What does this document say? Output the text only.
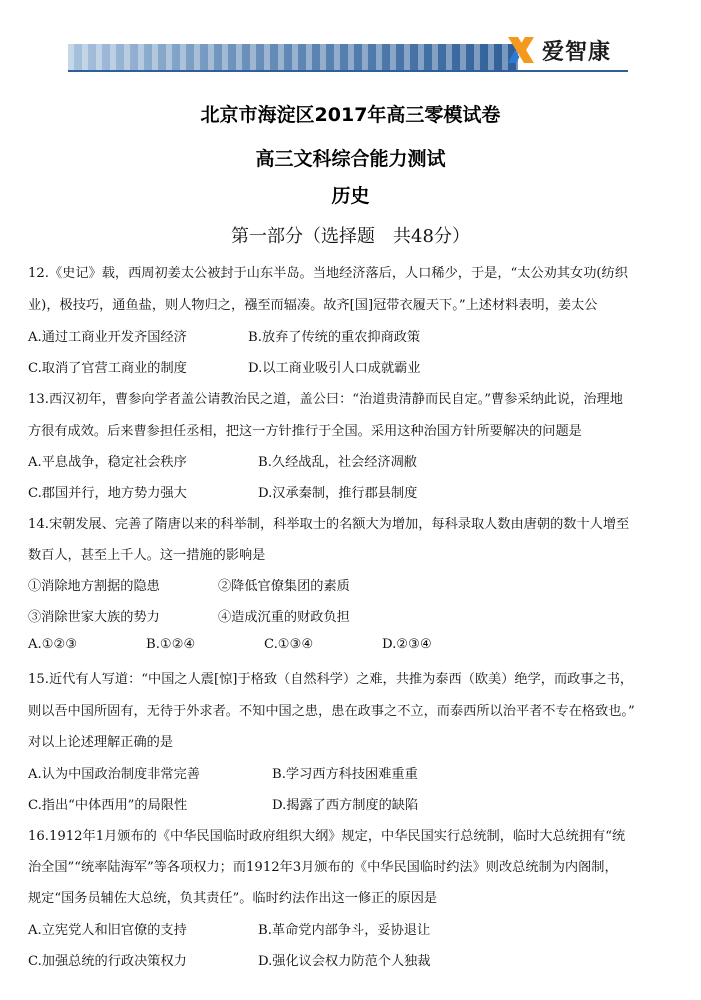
爱智康
北京市海淀区2017年高三零模试卷
高三文科综合能力测试
历史
第一部分（选择题　共48分）
12.《史记》载，西周初姜太公被封于山东半岛。当地经济落后，人口稀少，于是，“太公劝其女功(纺织
业)，极技巧，通鱼盐，则人物归之，襁至而辐凑。故齐[国]冠带衣履天下。”上述材料表明，姜太公
A.通过工商业开发齐国经济	B.放弃了传统的重农抑商政策
C.取消了官营工商业的制度	D.以工商业吸引人口成就霸业
13.西汉初年，曹参向学者盖公请教治民之道，盖公曰：“治道贵清静而民自定。”曹参采纳此说，治理地
方很有成效。后来曹参担任丞相，把这一方针推行于全国。采用这种治国方针所要解决的问题是
A.平息战争，稳定社会秩序	B.久经战乱，社会经济凋敝
C.郡国并行，地方势力强大	D.汉承秦制，推行郡县制度
14.宋朝发展、完善了隋唐以来的科举制，科举取士的名额大为增加，每科录取人数由唐朝的数十人增至
数百人，甚至上千人。这一措施的影响是
①消除地方割据的隐患	②降低官僚集团的素质
③消除世家大族的势力	④造成沉重的财政负担
A.①②③	B.①②④	C.①③④	D.②③④
15.近代有人写道：“中国之人震[惊]于格致（自然科学）之难，共推为泰西（欧美）绝学，而政事之书，
则以吾中国所固有，无待于外求者。不知中国之患，患在政事之不立，而泰西所以治平者不专在格致也。”
对以上论述理解正确的是
A.认为中国政治制度非常完善	B.学习西方科技困难重重
C.指出“中体西用”的局限性	D.揭露了西方制度的缺陷
16.1912年1月颁布的《中华民国临时政府组织大纲》规定，中华民国实行总统制，临时大总统拥有“统
治全国”“统率陆海军”等各项权力；而1912年3月颁布的《中华民国临时约法》则改总统制为内阁制，
规定“国务员辅佐大总统，负其责任”。临时约法作出这一修正的原因是
A.立宪党人和旧官僚的支持	B.革命党内部争斗，妥协退让
C.加强总统的行政决策权力	D.强化议会权力防范个人独裁
